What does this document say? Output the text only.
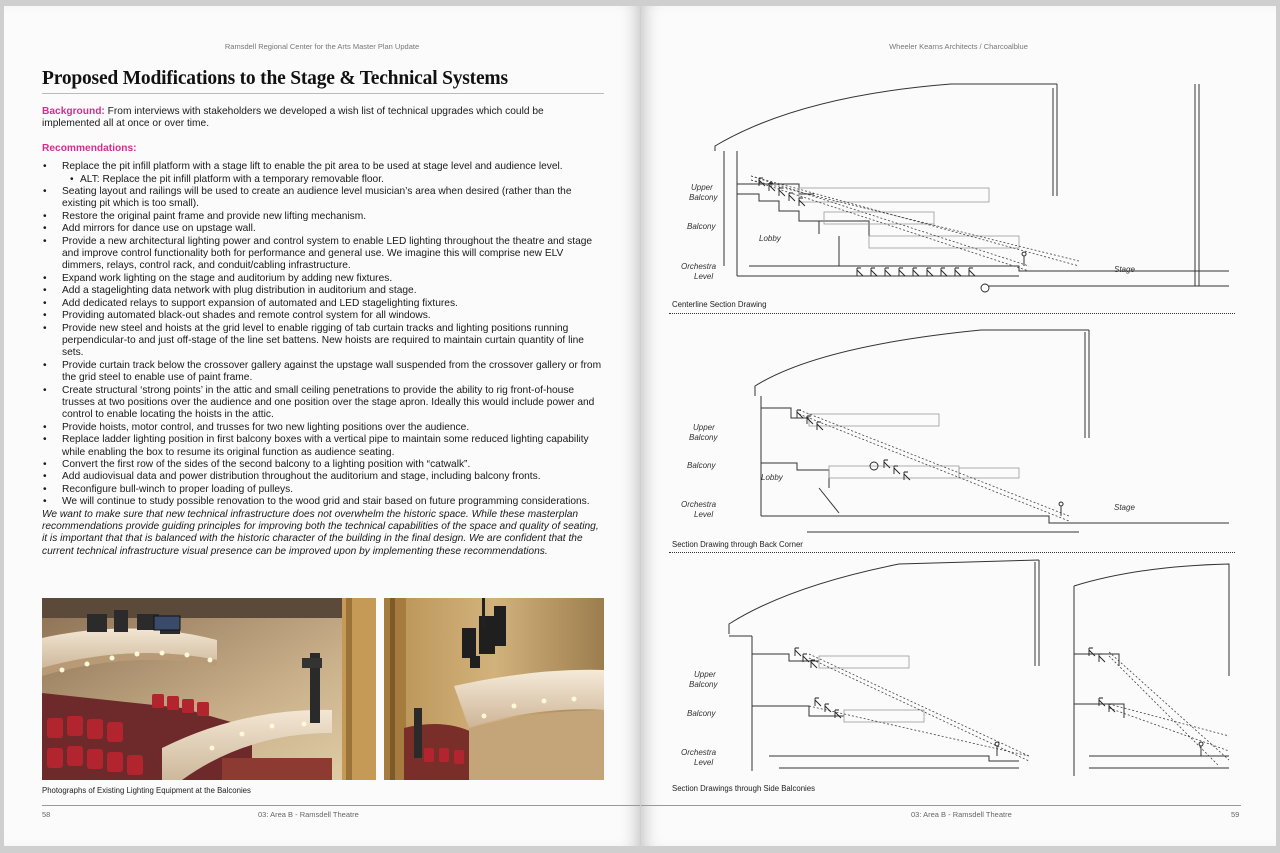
Ramsdell Regional Center for the Arts Master Plan Update
Proposed Modifications to the Stage & Technical Systems

Background: From interviews with stakeholders we developed a wish list of technical upgrades which could be implemented all at once or over time.

Recommendations:
• Replace the pit infill platform with a stage lift to enable the pit area to be used at stage level and audience level.
• ALT: Replace the pit infill platform with a temporary removable floor.
• Seating layout and railings will be used to create an audience level musician’s area when desired (rather than the existing pit which is too small).
• Restore the original paint frame and provide new lifting mechanism.
• Add mirrors for dance use on upstage wall.
• Provide a new architectural lighting power and control system to enable LED lighting throughout the theatre and stage and improve control functionality both for performance and general use. We imagine this will comprise new ELV dimmers, relays, control rack, and conduit/cabling infrastructure.
• Expand work lighting on the stage and auditorium by adding new fixtures.
• Add a stagelighting data network with plug distribution in auditorium and stage.
• Add dedicated relays to support expansion of automated and LED stagelighting fixtures.
• Providing automated black-out shades and remote control system for all windows.
• Provide new steel and hoists at the grid level to enable rigging of tab curtain tracks and lighting positions running perpendicular-to and just off-stage of the line set battens. New hoists are required to maintain curtain quantity of line sets.
• Provide curtain track below the crossover gallery against the upstage wall suspended from the crossover gallery or from the grid steel to enable use of paint frame.
• Create structural ‘strong points’ in the attic and small ceiling penetrations to provide the ability to rig front-of-house trusses at two positions over the audience and one position over the stage apron. Ideally this would include power and control to enable locating the hoists in the attic.
• Provide hoists, motor control, and trusses for two new lighting positions over the audience.
• Replace ladder lighting position in first balcony boxes with a vertical pipe to maintain some reduced lighting capability while enabling the box to resume its original function as audience seating.
• Convert the first row of the sides of the second balcony to a lighting position with “catwalk”.
• Add audiovisual data and power distribution throughout the auditorium and stage, including balcony fronts.
• Reconfigure bull-winch to proper loading of pulleys.
• We will continue to study possible renovation to the wood grid and stair based on future programming considerations.

We want to make sure that new technical infrastructure does not overwhelm the historic space. While these masterplan recommendations provide guiding principles for improving both the technical capabilities of the space and quality of seating, it is important that that is balanced with the historic character of the building in the final design. We are confident that the current technical infrastructure visual presence can be improved upon by implementing these recommendations.

Photographs of Existing Lighting Equipment at the Balconies
58	03: Area B - Ramsdell Theatre
Wheeler Kearns Architects / Charcoalblue
Upper
Balcony
Balcony
Lobby
Orchestra
Level
Stage
Centerline Section Drawing
Upper
Balcony
Balcony
Lobby
Orchestra
Level
Stage
Section Drawing through Back Corner
Upper
Balcony
Balcony
Orchestra
Level
Section Drawings through Side Balconies
03: Area B - Ramsdell Theatre	59
